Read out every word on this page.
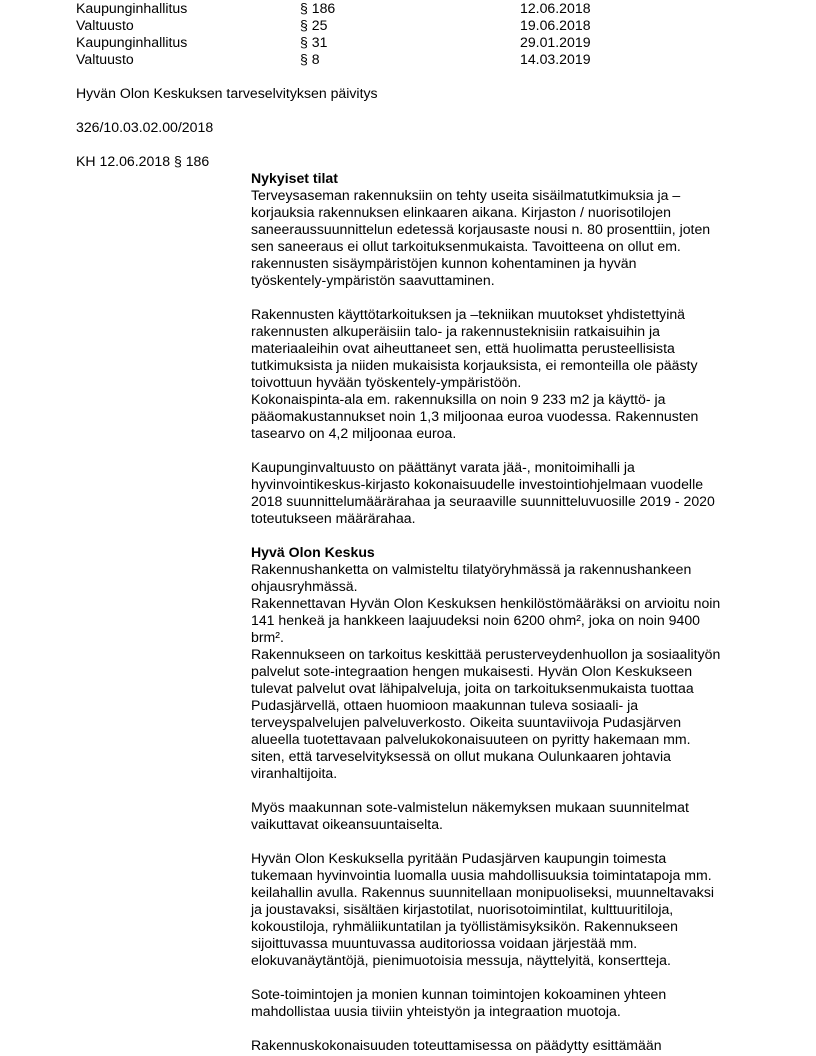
Kaupunginhallitus	§ 186	12.06.2018
Valtuusto	§ 25	19.06.2018
Kaupunginhallitus	§ 31	29.01.2019
Valtuusto	§ 8	14.03.2019
Hyvän Olon Keskuksen tarveselvityksen päivitys
326/10.03.02.00/2018
KH 12.06.2018 § 186
Nykyiset tilat

Terveysaseman rakennuksiin on tehty useita sisäilmatutkimuksia ja –
korjauksia rakennuksen elinkaaren aikana. Kirjaston / nuorisotilojen
saneeraussuunnittelun edetessä korjausaste nousi n. 80 prosenttiin, joten
sen saneeraus ei ollut tarkoituksenmukaista. Tavoitteena on ollut em.
rakennusten sisäympäristöjen kunnon kohentaminen ja hyvän
työskentely-ympäristön saavuttaminen.

Rakennusten käyttötarkoituksen ja –tekniikan muutokset yhdistettyinä
rakennusten alkuperäisiin talo- ja rakennusteknisiin ratkaisuihin ja
materiaaleihin ovat aiheuttaneet sen, että huolimatta perusteellisista
tutkimuksista ja niiden mukaisista korjauksista, ei remonteilla ole päästy
toivottuun hyvään työskentely-ympäristöön.

Kokonaispinta-ala em. rakennuksilla on noin 9 233 m2 ja käyttö- ja
pääomakustannukset noin 1,3 miljoonaa euroa vuodessa. Rakennusten
tasearvo on 4,2 miljoonaa euroa.

Kaupunginvaltuusto on päättänyt varata jää-, monitoimihalli ja
hyvinvointikeskus-kirjasto kokonaisuudelle investointiohjelmaan vuodelle
2018 suunnittelumäärärahaa ja seuraaville suunnitteluvuosille 2019 - 2020
toteutukseen määrärahaa.

Hyvä Olon Keskus

Rakennushanketta on valmisteltu tilatyöryhmässä ja rakennushankeen
ohjausryhmässä.

Rakennettavan Hyvän Olon Keskuksen henkilöstömääräksi on arvioitu noin
141 henkeä ja hankkeen laajuudeksi noin 6200 ohm², joka on noin 9400
brm².

Rakennukseen on tarkoitus keskittää perusterveydenhuollon ja sosiaalityön
palvelut sote-integraation hengen mukaisesti. Hyvän Olon Keskukseen
tulevat palvelut ovat lähipalveluja, joita on tarkoituksenmukaista tuottaa
Pudasjärvellä, ottaen huomioon maakunnan tuleva sosiaali- ja
terveyspalvelujen palveluverkosto. Oikeita suuntaviivoja Pudasjärven
alueella tuotettavaan palvelukokonaisuuteen on pyritty hakemaan mm.
siten, että tarveselvityksessä on ollut mukana Oulunkaaren johtavia
viranhaltijoita.

Myös maakunnan sote-valmistelun näkemyksen mukaan suunnitelmat
vaikuttavat oikeansuuntaiselta.

Hyvän Olon Keskuksella pyritään Pudasjärven kaupungin toimesta
tukemaan hyvinvointia luomalla uusia mahdollisuuksia toimintatapoja mm.
keilahallin avulla. Rakennus suunnitellaan monipuoliseksi, muunneltavaksi
ja joustavaksi, sisältäen kirjastotilat, nuorisotoimintilat, kulttuuritiloja,
kokoustiloja, ryhmäliikuntatilan ja työllistämisyksikön. Rakennukseen
sijoittuvassa muuntuvassa auditoriossa voidaan järjestää mm.
elokuvanäytäntöjä, pienimuotoisia messuja, näyttelyitä, konsertteja.

Sote-toimintojen ja monien kunnan toimintojen kokoaminen yhteen
mahdollistaa uusia tiiviin yhteistyön ja integraation muotoja.

Rakennuskokonaisuuden toteuttamisessa on päädytty esittämään
